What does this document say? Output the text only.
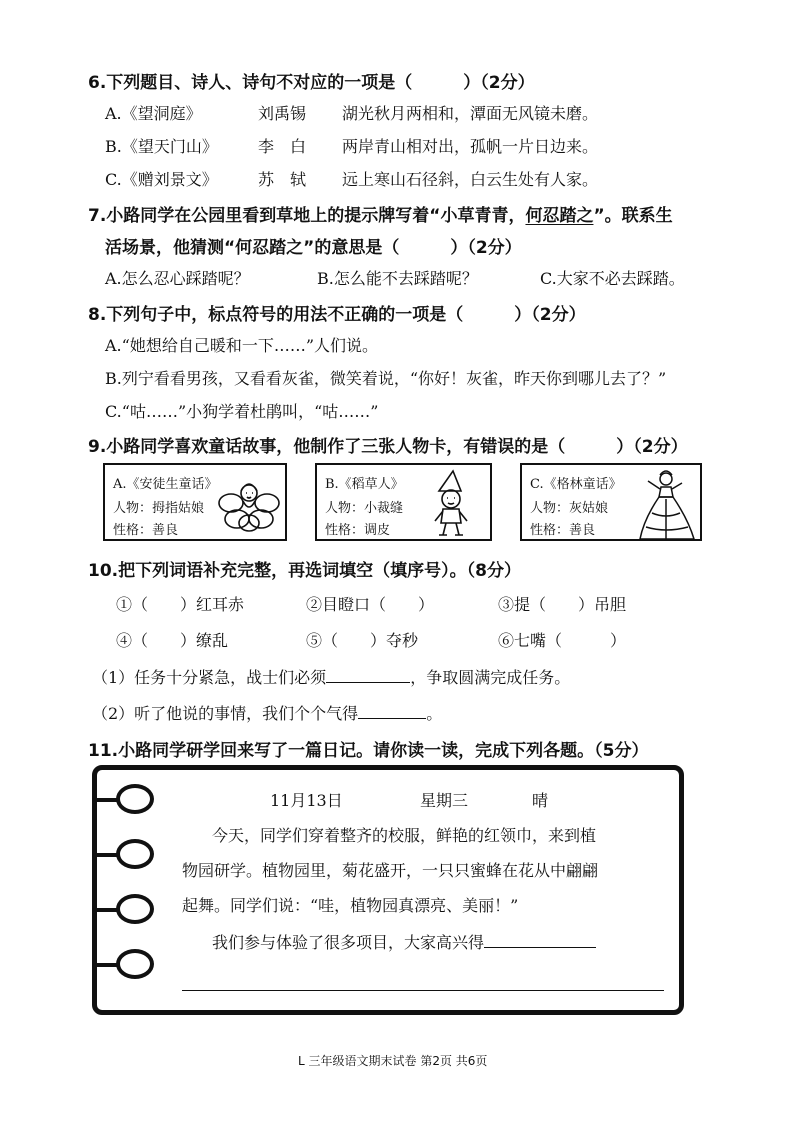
6.下列题目、诗人、诗句不对应的一项是（　　　）（2分）
A.《望洞庭》	刘禹锡 湖光秋月两相和，潭面无风镜未磨。
B.《望天门山》	李　白 两岸青山相对出，孤帆一片日边来。
C.《赠刘景文》	苏　轼 远上寒山石径斜，白云生处有人家。
7.小路同学在公园里看到草地上的提示牌写着“小草青青，何忍踏之”。联系生
活场景，他猜测“何忍踏之”的意思是（　　　）（2分）
A.怎么忍心踩踏呢？	B.怎么能不去踩踏呢？	C.大家不必去踩踏。
8.下列句子中，标点符号的用法不正确的一项是（　　　）（2分）
A.“她想给自己暖和一下……”人们说。
B.列宁看看男孩，又看看灰雀，微笑着说，“你好！灰雀，昨天你到哪儿去了？”
C.“咕……”小狗学着杜鹃叫，“咕……”
9.小路同学喜欢童话故事，他制作了三张人物卡，有错误的是（　　　）（2分）
A.《安徒生童话》
人物：拇指姑娘
性格：善良
B.《稻草人》
人物：小裁缝
性格：调皮
C.《格林童话》
人物：灰姑娘
性格：善良
10.把下列词语补充完整，再选词填空（填序号）。（8分）
①（　　）红耳赤	②目瞪口（　　）	③提（　　）吊胆
④（　　）缭乱	⑤（　　）夺秒	⑥七嘴（　　　）
（1）任务十分紧急，战士们必须	，争取圆满完成任务。
（2）听了他说的事情，我们个个气得	。
11.小路同学研学回来写了一篇日记。请你读一读，完成下列各题。（5分）
11月13日	星期三	晴
今天，同学们穿着整齐的校服，鲜艳的红领巾，来到植
物园研学。植物园里，菊花盛开，一只只蜜蜂在花从中翩翩
起舞。同学们说：“哇，植物园真漂亮、美丽！”
我们参与体验了很多项目，大家高兴得
L 三年级语文期末试卷 第2页 共6页
